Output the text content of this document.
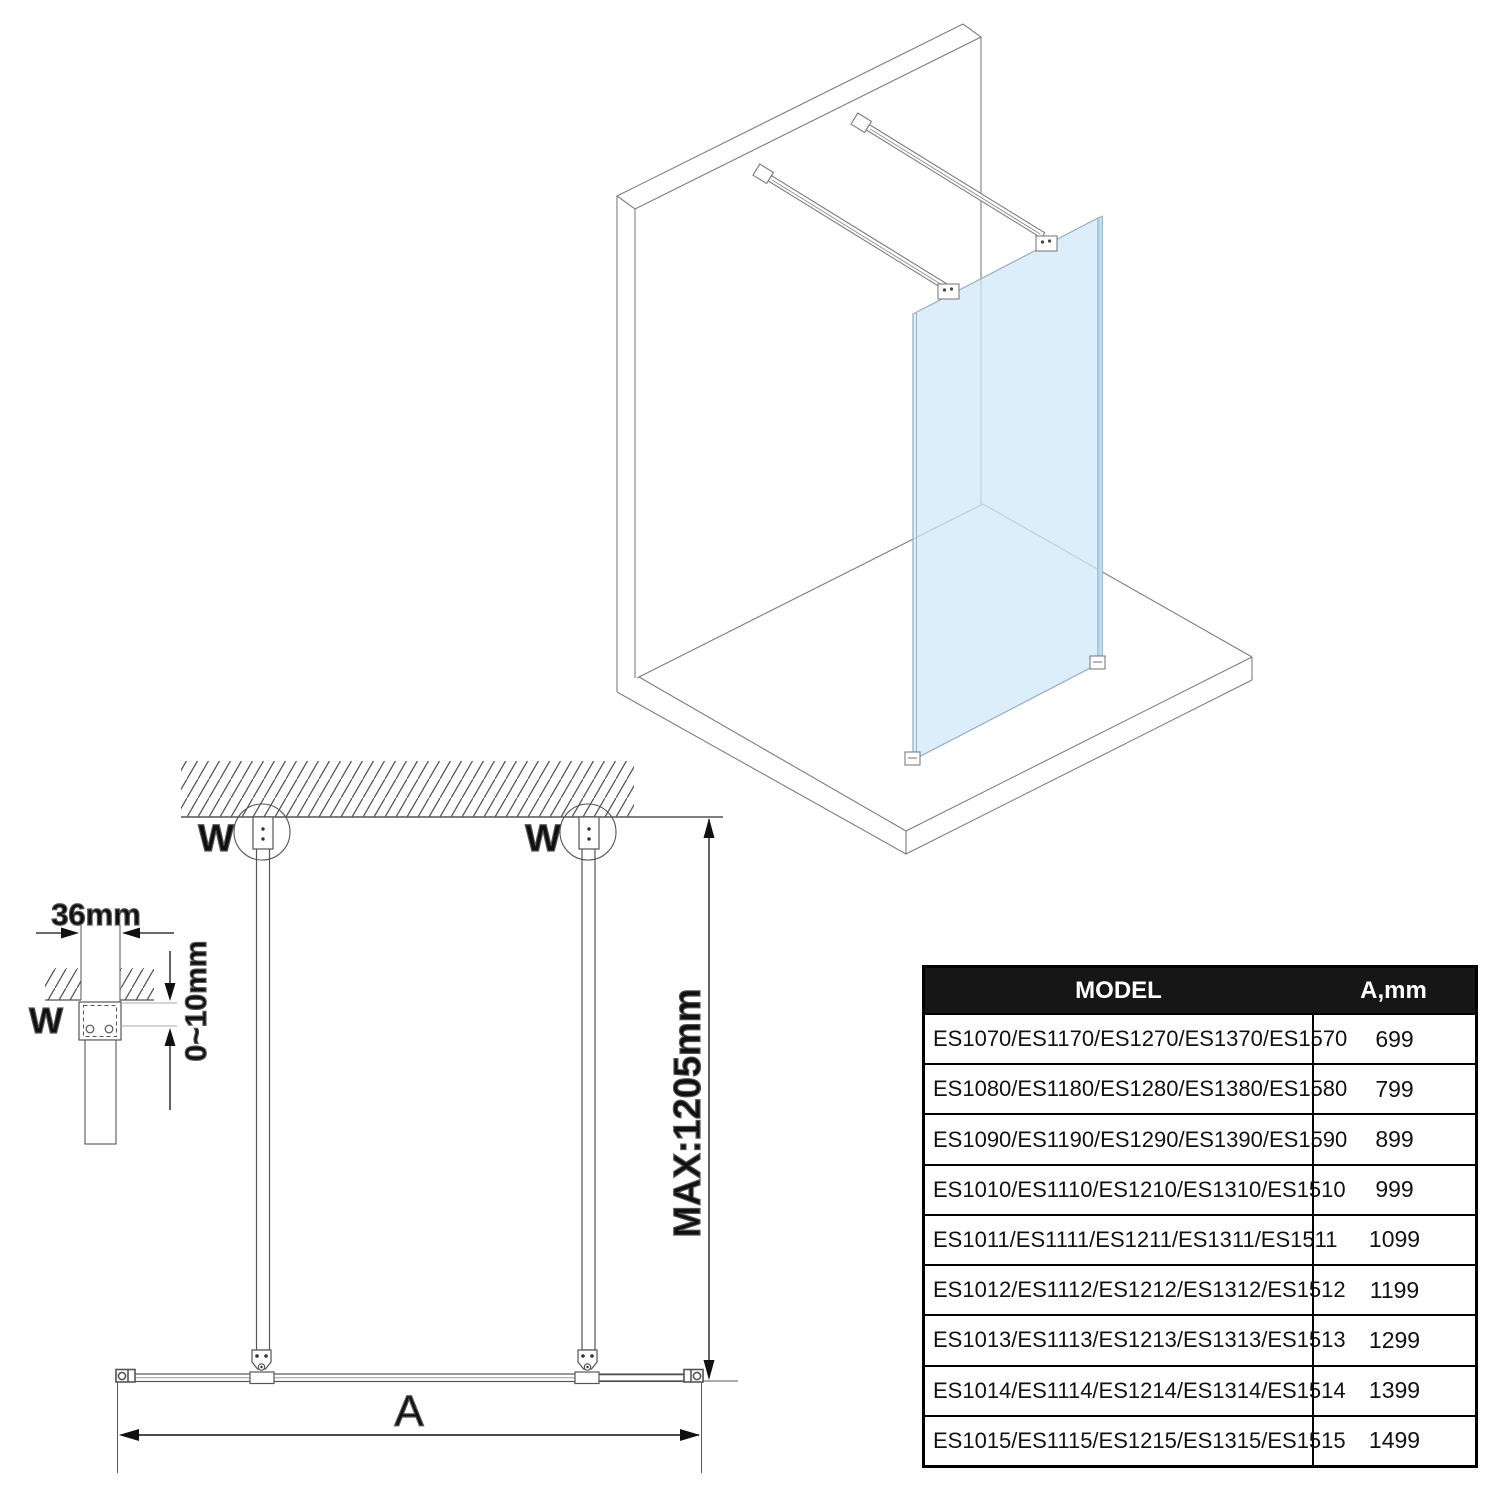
MAX:1205mm
A
W	W
36mm
0~10mm
W
MODEL	A,mm
ES1070/ES1170/ES1270/ES1370/ES1570	699
ES1080/ES1180/ES1280/ES1380/ES1580	799
ES1090/ES1190/ES1290/ES1390/ES1590	899
ES1010/ES1110/ES1210/ES1310/ES1510	999
ES1011/ES1111/ES1211/ES1311/ES1511	1099
ES1012/ES1112/ES1212/ES1312/ES1512	1199
ES1013/ES1113/ES1213/ES1313/ES1513	1299
ES1014/ES1114/ES1214/ES1314/ES1514	1399
ES1015/ES1115/ES1215/ES1315/ES1515	1499
